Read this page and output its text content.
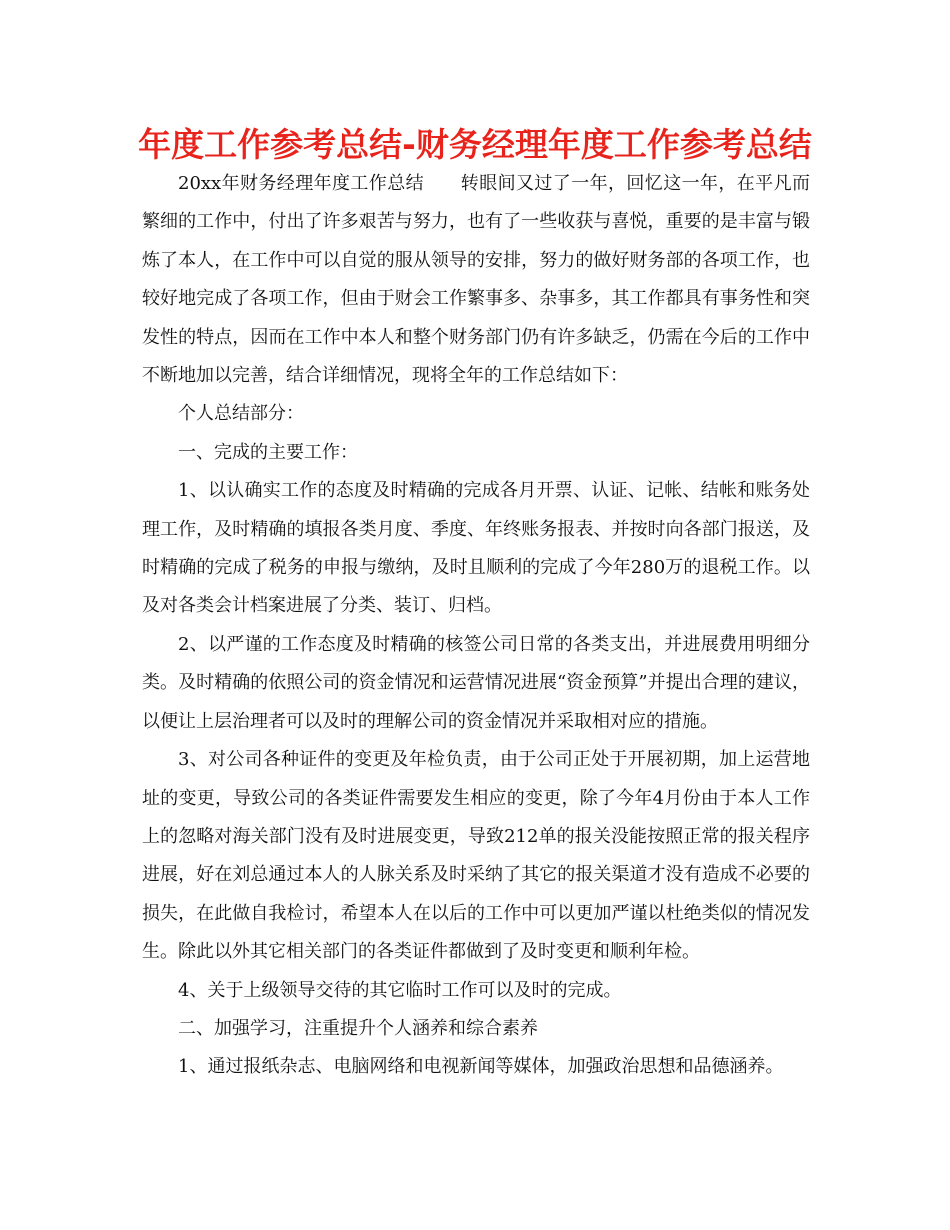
年度工作参考总结-财务经理年度工作参考总结

20xx年财务经理年度工作总结　　转眼间又过了一年，回忆这一年，在平凡而繁细的工作中，付出了许多艰苦与努力，也有了一些收获与喜悦，重要的是丰富与锻炼了本人，在工作中可以自觉的服从领导的安排，努力的做好财务部的各项工作，也较好地完成了各项工作，但由于财会工作繁事多、杂事多，其工作都具有事务性和突发性的特点，因而在工作中本人和整个财务部门仍有许多缺乏，仍需在今后的工作中不断地加以完善，结合详细情况，现将全年的工作总结如下：

个人总结部分：

一、完成的主要工作：

1、以认确实工作的态度及时精确的完成各月开票、认证、记帐、结帐和账务处理工作，及时精确的填报各类月度、季度、年终账务报表、并按时向各部门报送，及时精确的完成了税务的申报与缴纳，及时且顺利的完成了今年280万的退税工作。以及对各类会计档案进展了分类、装订、归档。

2、以严谨的工作态度及时精确的核签公司日常的各类支出，并进展费用明细分类。及时精确的依照公司的资金情况和运营情况进展“资金预算”并提出合理的建议，以便让上层治理者可以及时的理解公司的资金情况并采取相对应的措施。

3、对公司各种证件的变更及年检负责，由于公司正处于开展初期，加上运营地址的变更，导致公司的各类证件需要发生相应的变更，除了今年4月份由于本人工作上的忽略对海关部门没有及时进展变更，导致212单的报关没能按照正常的报关程序进展，好在刘总通过本人的人脉关系及时采纳了其它的报关渠道才没有造成不必要的损失，在此做自我检讨，希望本人在以后的工作中可以更加严谨以杜绝类似的情况发生。除此以外其它相关部门的各类证件都做到了及时变更和顺利年检。

4、关于上级领导交待的其它临时工作可以及时的完成。

二、加强学习，注重提升个人涵养和综合素养

1、通过报纸杂志、电脑网络和电视新闻等媒体，加强政治思想和品德涵养。
